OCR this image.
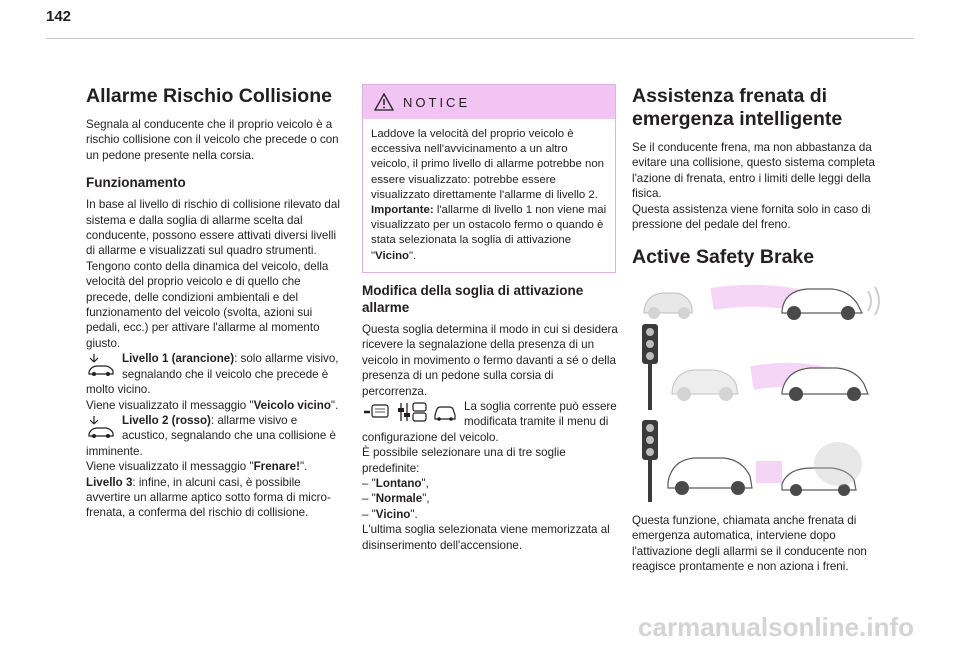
142
Allarme Rischio Collisione

Segnala al conducente che il proprio veicolo è a rischio collisione con il veicolo che precede o con un pedone presente nella corsia.

Funzionamento

In base al livello di rischio di collisione rilevato dal sistema e dalla soglia di allarme scelta dal conducente, possono essere attivati diversi livelli di allarme e visualizzati sul quadro strumenti.

Tengono conto della dinamica del veicolo, della velocità del proprio veicolo e di quello che precede, delle condizioni ambientali e del funzionamento del veicolo (svolta, azioni sui pedali, ecc.) per attivare l'allarme al momento giusto.

Livello 1 (arancione): solo allarme visivo, segnalando che il veicolo che precede è molto vicino.

Viene visualizzato il messaggio "Veicolo vicino".

Livello 2 (rosso): allarme visivo e acustico, segnalando che una collisione è imminente.

Viene visualizzato il messaggio "Frenare!".

Livello 3: infine, in alcuni casi, è possibile avvertire un allarme aptico sotto forma di micro-frenata, a conferma del rischio di collisione.

NOTICE

Laddove la velocità del proprio veicolo è eccessiva nell'avvicinamento a un altro veicolo, il primo livello di allarme potrebbe non essere visualizzato: potrebbe essere visualizzato direttamente l'allarme di livello 2.

Importante: l'allarme di livello 1 non viene mai visualizzato per un ostacolo fermo o quando è stata selezionata la soglia di attivazione "Vicino".

Modifica della soglia di attivazione allarme

Questa soglia determina il modo in cui si desidera ricevere la segnalazione della presenza di un veicolo in movimento o fermo davanti a sé o della presenza di un pedone sulla corsia di percorrenza.

La soglia corrente può essere modificata tramite il menu di configurazione del veicolo.

È possibile selezionare una di tre soglie predefinite:

– "Lontano",

– "Normale",

– "Vicino".

L'ultima soglia selezionata viene memorizzata al disinserimento dell'accensione.

Assistenza frenata di emergenza intelligente

Se il conducente frena, ma non abbastanza da evitare una collisione, questo sistema completa l'azione di frenata, entro i limiti delle leggi della fisica.

Questa assistenza viene fornita solo in caso di pressione del pedale del freno.

Active Safety Brake

Questa funzione, chiamata anche frenata di emergenza automatica, interviene dopo l'attivazione degli allarmi se il conducente non reagisce prontamente e non aziona i freni.

carmanualsonline.info
